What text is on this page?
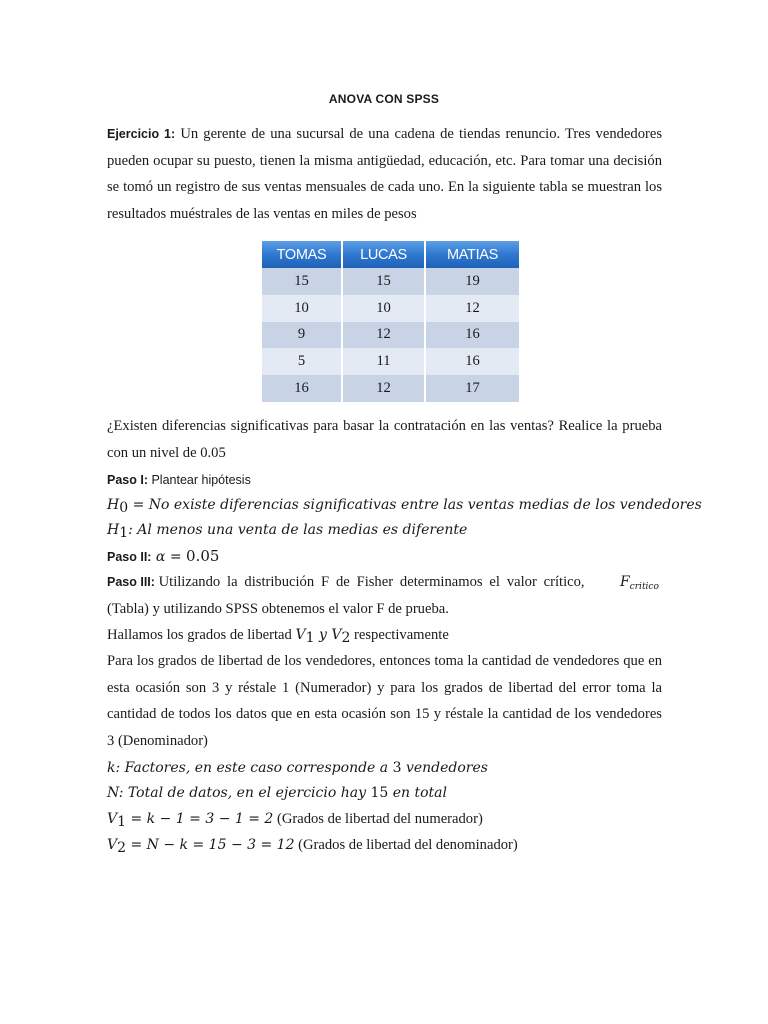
ANOVA CON SPSS
Ejercicio 1: Un gerente de una sucursal de una cadena de tiendas renuncio. Tres vendedores pueden ocupar su puesto, tienen la misma antigüedad, educación, etc. Para tomar una decisión se tomó un registro de sus ventas mensuales de cada uno. En la siguiente tabla se muestran los resultados muéstrales de las ventas en miles de pesos
TOMAS	LUCAS	MATIAS
15	15	19
10	10	12
9	12	16
5	11	16
16	12	17
¿Existen diferencias significativas para basar la contratación en las ventas? Realice la prueba con un nivel de 0.05
Paso I: Plantear hipótesis
$H_0 = No$ existe diferencias significativas entre las ventas medias de los vendedores
$H_1$: Al menos una venta de las medias es diferente
Paso II: α = 0.05
Paso III: Utilizando la distribución F de Fisher determinamos el valor crítico,	$F_{critico}$
(Tabla) y utilizando SPSS obtenemos el valor F de prueba.
Hallamos los grados de libertad $V_1$ y $V_2$ respectivamente
Para los grados de libertad de los vendedores, entonces toma la cantidad de vendedores que en esta ocasión son 3 y réstale 1 (Numerador) y para los grados de libertad del error toma la cantidad de todos los datos que en esta ocasión son 15 y réstale la cantidad de los vendedores 3 (Denominador)
k: Factores, en este caso corresponde a 3 vendedores
N: Total de datos, en el ejercicio hay 15 en total
$V_1 = k - 1 = 3 - 1 = 2$ (Grados de libertad del numerador)
$V_2 = N - k = 15 - 3 = 12$ (Grados de libertad del denominador)
